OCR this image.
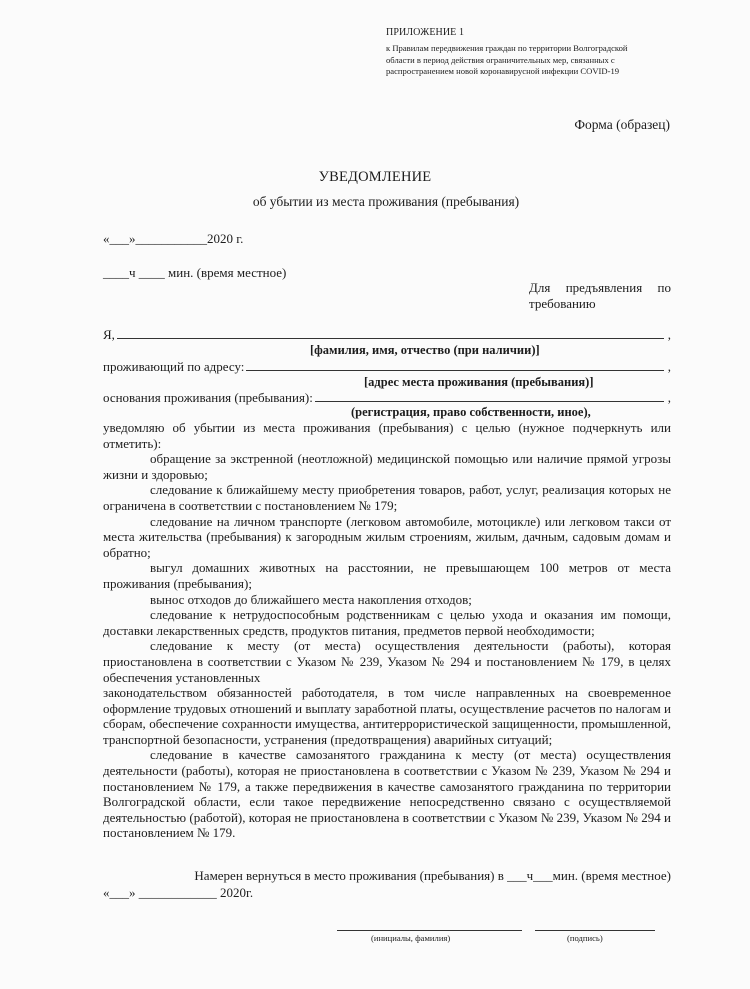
ПРИЛОЖЕНИЕ 1
к Правилам передвижения граждан по территории Волгоградской
области в период действия ограничительных мер, связанных с
распространением новой коронавирусной инфекции COVID-19
Форма (образец)
УВЕДОМЛЕНИЕ
об убытии из места проживания (пребывания)
«___»___________2020 г.
____ч ____ мин. (время местное)
Для предъявления по
требованию
Я,	,
[фамилия, имя, отчество (при наличии)]
проживающий по адресу:	,
[адрес места проживания (пребывания)]
основания проживания (пребывания):	,
(регистрация, право собственности, иное),

уведомляю об убытии из места проживания (пребывания) с целью (нужное подчеркнуть или отметить):

обращение за экстренной (неотложной) медицинской помощью или наличие прямой угрозы жизни и здоровью;

следование к ближайшему месту приобретения товаров, работ, услуг, реализация которых не ограничена в соответствии с постановлением № 179;

следование на личном транспорте (легковом автомобиле, мотоцикле) или легковом такси от места жительства (пребывания) к загородным жилым строениям, жилым, дачным, садовым домам и обратно;

выгул домашних животных на расстоянии, не превышающем 100 метров от места проживания (пребывания);

вынос отходов до ближайшего места накопления отходов;

следование к нетрудоспособным родственникам с целью ухода и оказания им помощи, доставки лекарственных средств, продуктов питания, предметов первой необходимости;

следование к месту (от места) осуществления деятельности (работы), которая

приостановлена в соответствии с Указом № 239, Указом № 294 и постановлением № 179, в целях

обеспечения установленных

законодательством обязанностей работодателя, в том числе направленных на своевременное оформление трудовых отношений и выплату заработной платы, осуществление расчетов по налогам и сборам, обеспечение сохранности имущества, антитеррористической защищенности, промышленной, транспортной безопасности, устранения (предотвращения) аварийных ситуаций;

следование в качестве самозанятого гражданина к месту (от места) осуществления деятельности (работы), которая не приостановлена в соответствии с Указом № 239, Указом № 294 и постановлением № 179, а также передвижения в качестве самозанятого гражданина по территории Волгоградской области, если такое передвижение непосредственно связано с осуществляемой деятельностью (работой), которая не приостановлена в соответствии с Указом № 239, Указом № 294 и постановлением № 179.

Намерен вернуться в место проживания (пребывания) в ___ч___мин. (время местное)
«___» ____________ 2020г.
(инициалы, фамилия)	(подпись)
